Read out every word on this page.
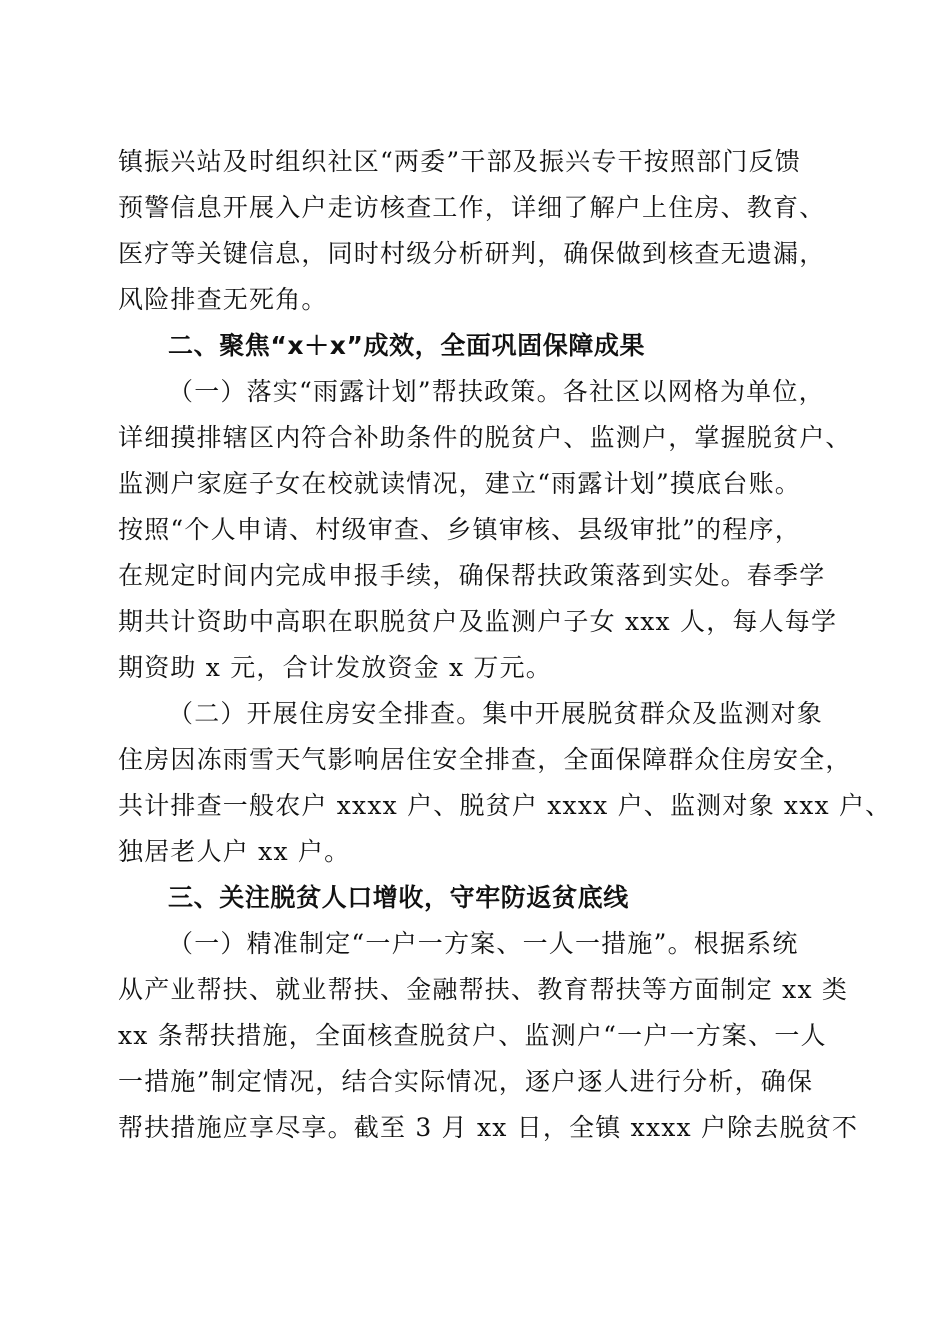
镇振兴站及时组织社区“两委”干部及振兴专干按照部门反馈
预警信息开展入户走访核查工作，详细了解户上住房、教育、
医疗等关键信息，同时村级分析研判，确保做到核查无遗漏，
风险排查无死角。
二、聚焦“x＋x”成效，全面巩固保障成果
（一）落实“雨露计划”帮扶政策。各社区以网格为单位，
详细摸排辖区内符合补助条件的脱贫户、监测户，掌握脱贫户、
监测户家庭子女在校就读情况，建立“雨露计划”摸底台账。
按照“个人申请、村级审查、乡镇审核、县级审批”的程序，
在规定时间内完成申报手续，确保帮扶政策落到实处。春季学
期共计资助中高职在职脱贫户及监测户子女 xxx 人，每人每学
期资助 x 元，合计发放资金 x 万元。
（二）开展住房安全排查。集中开展脱贫群众及监测对象
住房因冻雨雪天气影响居住安全排查，全面保障群众住房安全，
共计排查一般农户 xxxx 户、脱贫户 xxxx 户、监测对象 xxx 户、
独居老人户 xx 户。
三、关注脱贫人口增收，守牢防返贫底线
（一）精准制定“一户一方案、一人一措施”。根据系统
从产业帮扶、就业帮扶、金融帮扶、教育帮扶等方面制定 xx 类
xx 条帮扶措施，全面核查脱贫户、监测户“一户一方案、一人
一措施”制定情况，结合实际情况，逐户逐人进行分析，确保
帮扶措施应享尽享。截至 3 月 xx 日，全镇 xxxx 户除去脱贫不
